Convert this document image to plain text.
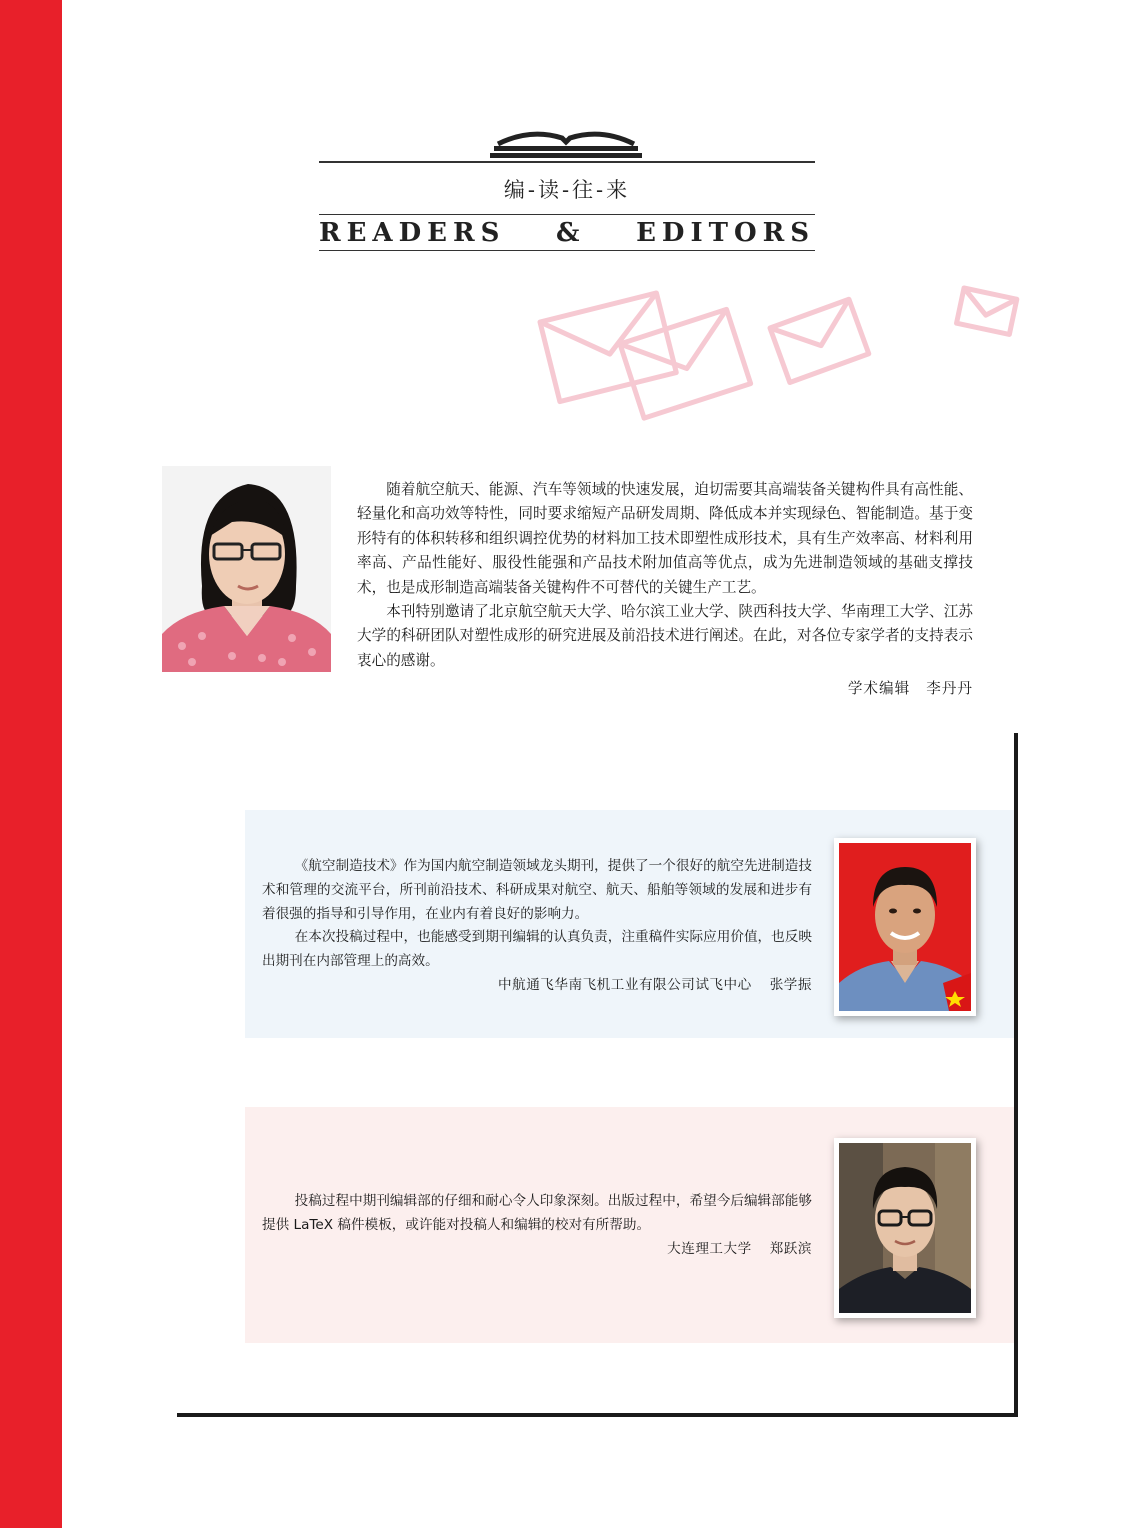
编-读-往-来
READERS & EDITORS

随着航空航天、能源、汽车等领域的快速发展，迫切需要其高端装备关键构件具有高性能、轻量化和高功效等特性，同时要求缩短产品研发周期、降低成本并实现绿色、智能制造。基于变形特有的体积转移和组织调控优势的材料加工技术即塑性成形技术，具有生产效率高、材料利用率高、产品性能好、服役性能强和产品技术附加值高等优点，成为先进制造领域的基础支撑技术，也是成形制造高端装备关键构件不可替代的关键生产工艺。

本刊特别邀请了北京航空航天大学、哈尔滨工业大学、陕西科技大学、华南理工大学、江苏大学的科研团队对塑性成形的研究进展及前沿技术进行阐述。在此，对各位专家学者的支持表示衷心的感谢。

学术编辑 李丹丹

《航空制造技术》作为国内航空制造领域龙头期刊，提供了一个很好的航空先进制造技术和管理的交流平台，所刊前沿技术、科研成果对航空、航天、船舶等领域的发展和进步有着很强的指导和引导作用，在业内有着良好的影响力。

在本次投稿过程中，也能感受到期刊编辑的认真负责，注重稿件实际应用价值，也反映出期刊在内部管理上的高效。

中航通飞华南飞机工业有限公司试飞中心 张学振

投稿过程中期刊编辑部的仔细和耐心令人印象深刻。出版过程中，希望今后编辑部能够提供 LaTeX 稿件模板，或许能对投稿人和编辑的校对有所帮助。

大连理工大学 郑跃滨
